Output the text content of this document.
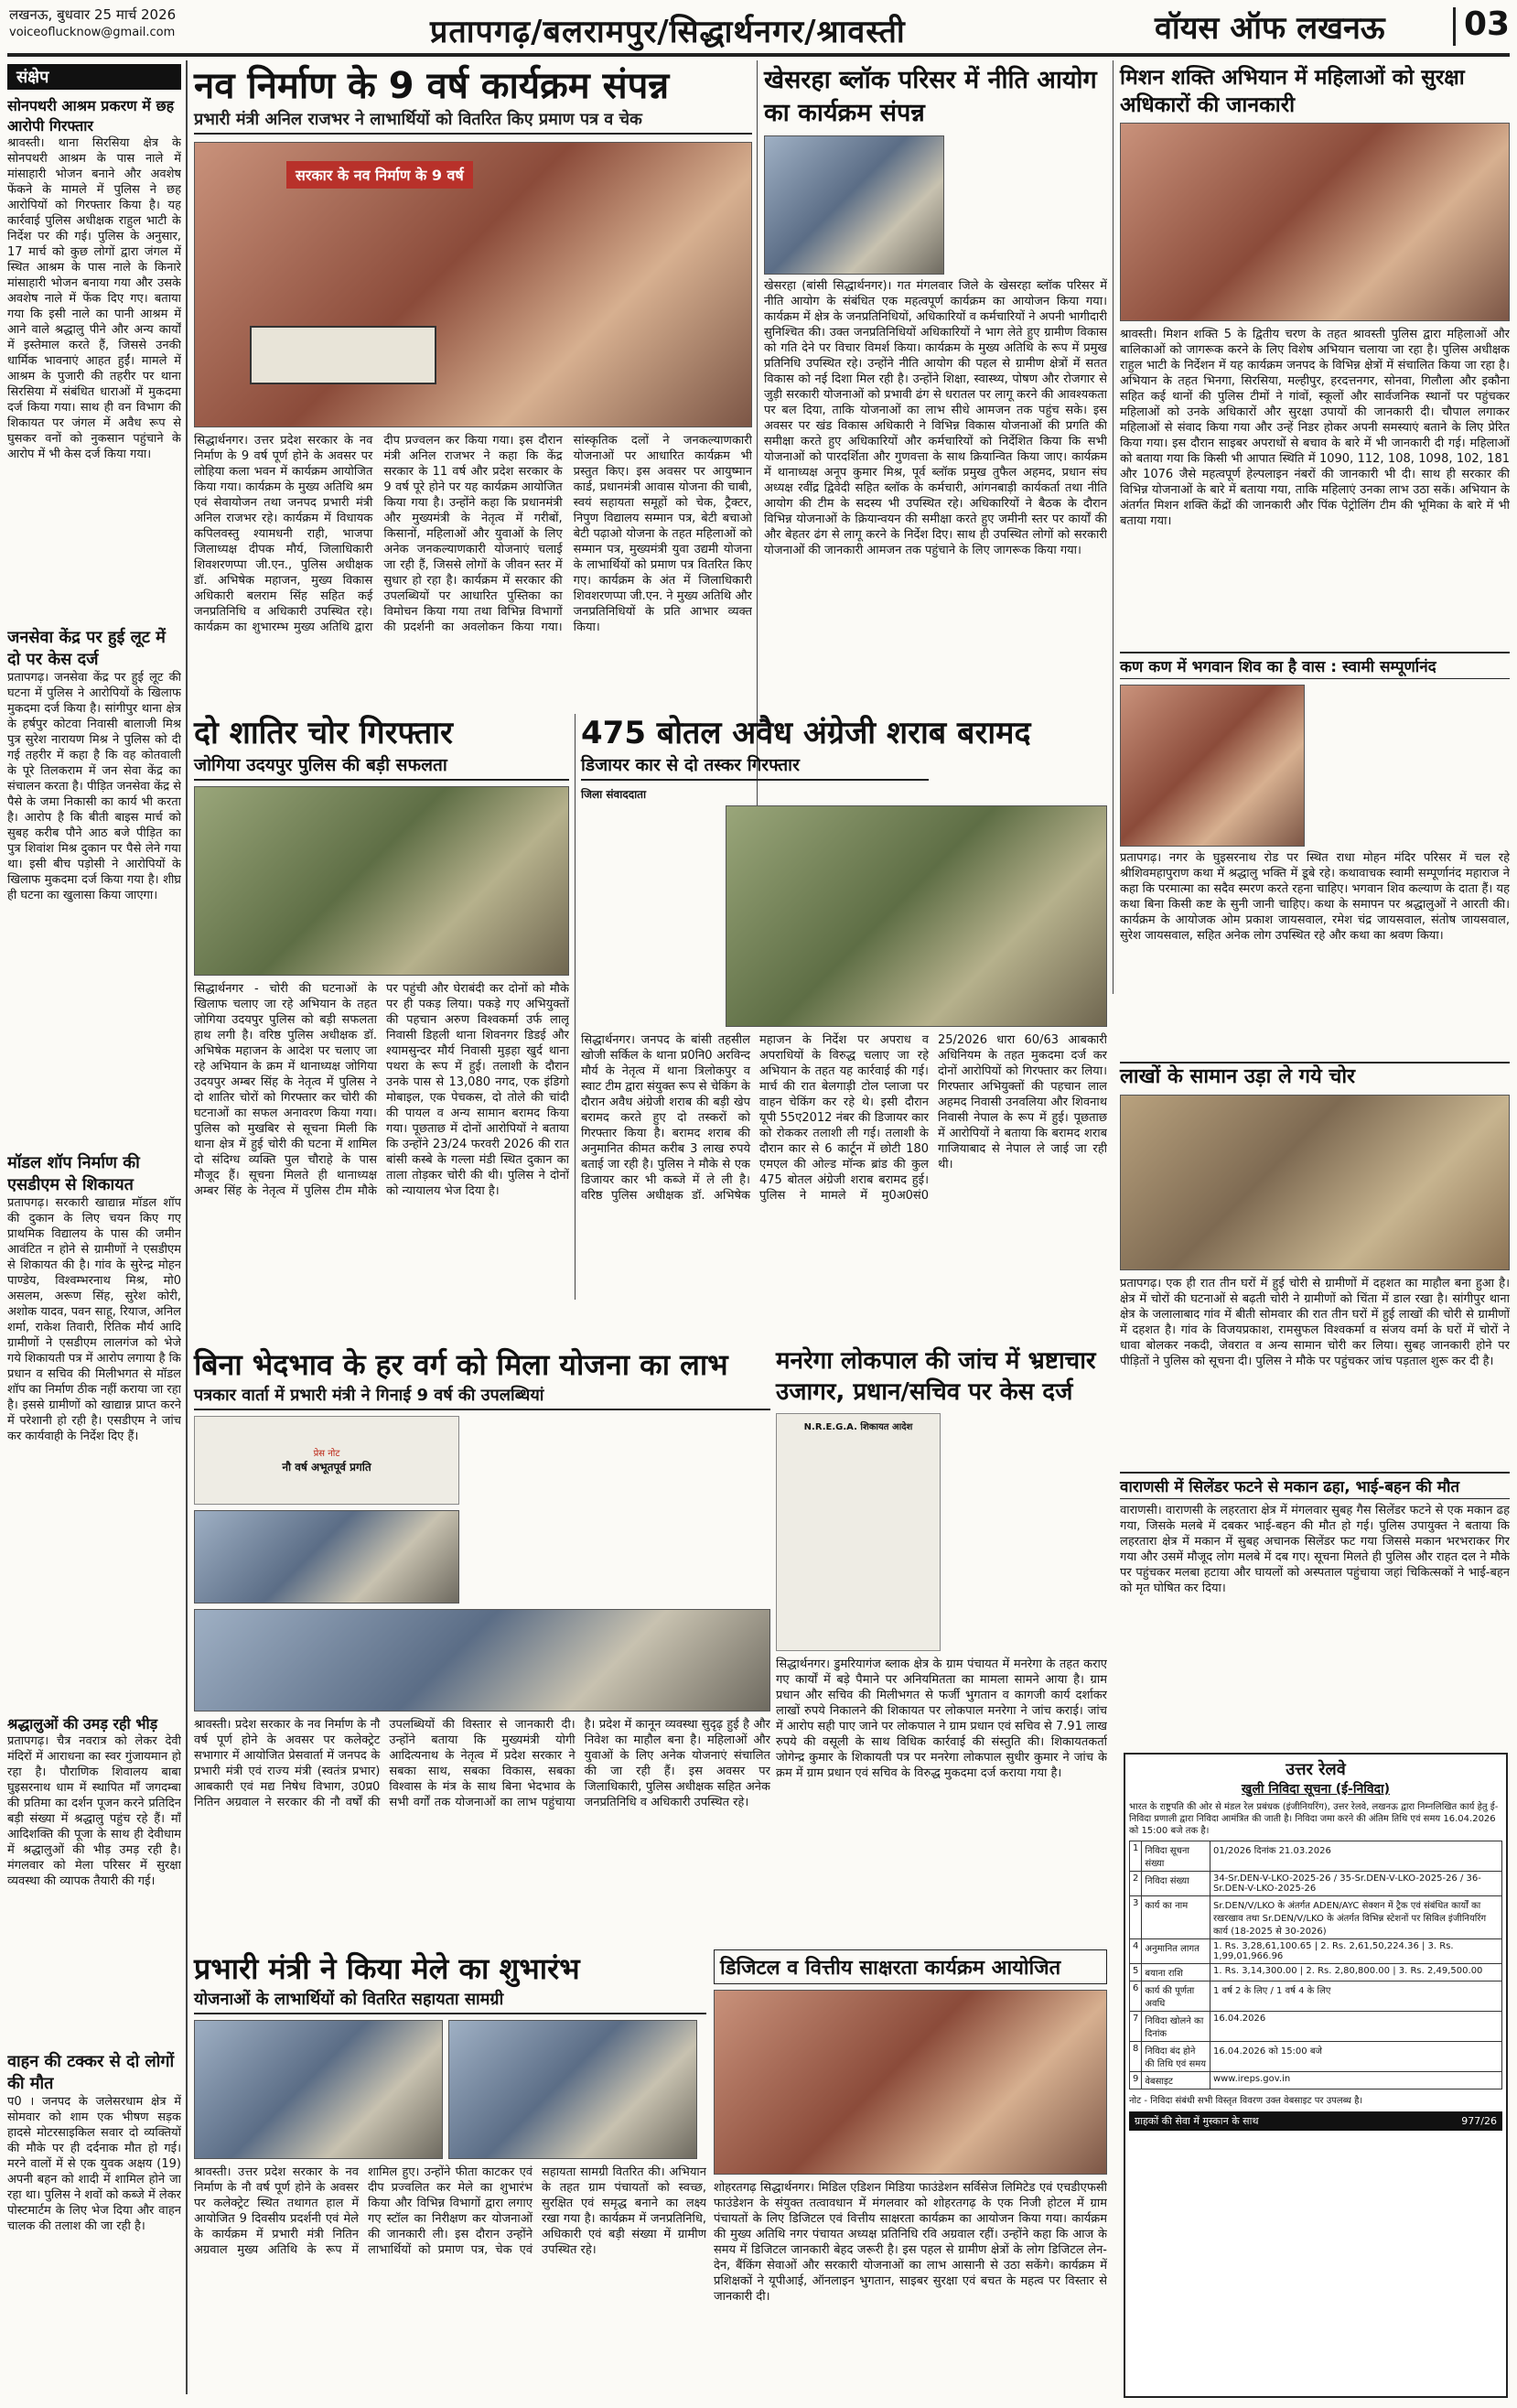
लखनऊ, बुधवार 25 मार्च 2026
voiceoflucknow@gmail.com	प्रतापगढ़/बलरामपुर/सिद्धार्थनगर/श्रावस्ती	वॉयस ऑफ लखनऊ 03
संक्षेप
सोनपथरी आश्रम प्रकरण में छह आरोपी गिरफ्तार
श्रावस्ती। थाना सिरसिया क्षेत्र के सोनपथरी आश्रम के पास नाले में मांसाहारी भोजन बनाने और अवशेष फेंकने के मामले में पुलिस ने छह आरोपियों को गिरफ्तार किया है। यह कार्रवाई पुलिस अधीक्षक राहुल भाटी के निर्देश पर की गई। पुलिस के अनुसार, 17 मार्च को कुछ लोगों द्वारा जंगल में स्थित आश्रम के पास नाले के किनारे मांसाहारी भोजन बनाया गया और उसके अवशेष नाले में फेंक दिए गए। बताया गया कि इसी नाले का पानी आश्रम में आने वाले श्रद्धालु पीने और अन्य कार्यों में इस्तेमाल करते हैं, जिससे उनकी धार्मिक भावनाएं आहत हुईं। मामले में आश्रम के पुजारी की तहरीर पर थाना सिरसिया में संबंधित धाराओं में मुकदमा दर्ज किया गया। साथ ही वन विभाग की शिकायत पर जंगल में अवैध रूप से घुसकर वनों को नुकसान पहुंचाने के आरोप में भी केस दर्ज किया गया।
जनसेवा केंद्र पर हुई लूट में दो पर केस दर्ज
प्रतापगढ़। जनसेवा केंद्र पर हुई लूट की घटना में पुलिस ने आरोपियों के खिलाफ मुकदमा दर्ज किया है। सांगीपुर थाना क्षेत्र के हर्षपुर कोटवा निवासी बालाजी मिश्र पुत्र सुरेश नारायण मिश्र ने पुलिस को दी गई तहरीर में कहा है कि वह कोतवाली के पूरे तिलकराम में जन सेवा केंद्र का संचालन करता है। पीड़ित जनसेवा केंद्र से पैसे के जमा निकासी का कार्य भी करता है। आरोप है कि बीती बाइस मार्च को सुबह करीब पौने आठ बजे पीड़ित का पुत्र शिवांश मिश्र दुकान पर पैसे लेने गया था। इसी बीच पड़ोसी ने आरोपियों के खिलाफ मुकदमा दर्ज किया गया है। शीघ्र ही घटना का खुलासा किया जाएगा।
मॉडल शॉप निर्माण की एसडीएम से शिकायत
प्रतापगढ़। सरकारी खाद्यान्न मॉडल शॉप की दुकान के लिए चयन किए गए प्राथमिक विद्यालय के पास की जमीन आवंटित न होने से ग्रामीणों ने एसडीएम से शिकायत की है। गांव के सुरेन्द्र मोहन पाण्डेय, विश्वम्भरनाथ मिश्र, मो0 असलम, अरूण सिंह, सुरेश कोरी, अशोक यादव, पवन साहू, रियाज, अनिल शर्मा, राकेश तिवारी, रितिक मौर्य आदि ग्रामीणों ने एसडीएम लालगंज को भेजे गये शिकायती पत्र में आरोप लगाया है कि प्रधान व सचिव की मिलीभगत से मॉडल शॉप का निर्माण ठीक नहीं कराया जा रहा है। इससे ग्रामीणों को खाद्यान्न प्राप्त करने में परेशानी हो रही है। एसडीएम ने जांच कर कार्यवाही के निर्देश दिए हैं।
श्रद्धालुओं की उमड़ रही भीड़
प्रतापगढ़। चैत्र नवरात्र को लेकर देवी मंदिरों में आराधना का स्वर गुंजायमान हो रहा है। पौराणिक शिवालय बाबा घुइसरनाथ धाम में स्थापित माँ जगदम्बा की प्रतिमा का दर्शन पूजन करने प्रतिदिन बड़ी संख्या में श्रद्धालु पहुंच रहे हैं। माँ आदिशक्ति की पूजा के साथ ही देवीधाम में श्रद्धालुओं की भीड़ उमड़ रही है। मंगलवार को मेला परिसर में सुरक्षा व्यवस्था की व्यापक तैयारी की गई।
वाहन की टक्कर से दो लोगों की मौत
प0 । जनपद के जलेसरधाम क्षेत्र में सोमवार को शाम एक भीषण सड़क हादसे मोटरसाइकिल सवार दो व्यक्तियों की मौके पर ही दर्दनाक मौत हो गई। मरने वालों में से एक युवक अक्षय (19) अपनी बहन को शादी में शामिल होने जा रहा था। पुलिस ने शवों को कब्जे में लेकर पोस्टमार्टम के लिए भेज दिया और वाहन चालक की तलाश की जा रही है।
नव निर्माण के 9 वर्ष कार्यक्रम संपन्न
प्रभारी मंत्री अनिल राजभर ने लाभार्थियों को वितरित किए प्रमाण पत्र व चेक
सरकार के नव निर्माण के 9 वर्ष
सिद्धार्थनगर। उत्तर प्रदेश सरकार के नव निर्माण के 9 वर्ष पूर्ण होने के अवसर पर लोहिया कला भवन में कार्यक्रम आयोजित किया गया। कार्यक्रम के मुख्य अतिथि श्रम एवं सेवायोजन तथा जनपद प्रभारी मंत्री अनिल राजभर रहे। कार्यक्रम में विधायक कपिलवस्तु श्यामधनी राही, भाजपा जिलाध्यक्ष दीपक मौर्य, जिलाधिकारी शिवशरणप्पा जी.एन., पुलिस अधीक्षक डॉ. अभिषेक महाजन, मुख्य विकास अधिकारी बलराम सिंह सहित कई जनप्रतिनिधि व अधिकारी उपस्थित रहे। कार्यक्रम का शुभारम्भ मुख्य अतिथि द्वारा दीप प्रज्वलन कर किया गया। इस दौरान मंत्री अनिल राजभर ने कहा कि केंद्र सरकार के 11 वर्ष और प्रदेश सरकार के 9 वर्ष पूरे होने पर यह कार्यक्रम आयोजित किया गया है। उन्होंने कहा कि प्रधानमंत्री और मुख्यमंत्री के नेतृत्व में गरीबों, किसानों, महिलाओं और युवाओं के लिए अनेक जनकल्याणकारी योजनाएं चलाई जा रही हैं, जिससे लोगों के जीवन स्तर में सुधार हो रहा है। कार्यक्रम में सरकार की उपलब्धियों पर आधारित पुस्तिका का विमोचन किया गया तथा विभिन्न विभागों की प्रदर्शनी का अवलोकन किया गया। सांस्कृतिक दलों ने जनकल्याणकारी योजनाओं पर आधारित कार्यक्रम भी प्रस्तुत किए। इस अवसर पर आयुष्मान कार्ड, प्रधानमंत्री आवास योजना की चाबी, स्वयं सहायता समूहों को चेक, ट्रैक्टर, निपुण विद्यालय सम्मान पत्र, बेटी बचाओ बेटी पढ़ाओ योजना के तहत महिलाओं को सम्मान पत्र, मुख्यमंत्री युवा उद्यमी योजना के लाभार्थियों को प्रमाण पत्र वितरित किए गए। कार्यक्रम के अंत में जिलाधिकारी शिवशरणप्पा जी.एन. ने मुख्य अतिथि और जनप्रतिनिधियों के प्रति आभार व्यक्त किया।
खेसरहा ब्लॉक परिसर में नीति आयोग का कार्यक्रम संपन्न
खेसरहा (बांसी सिद्धार्थनगर)। गत मंगलवार जिले के खेसरहा ब्लॉक परिसर में नीति आयोग के संबंधित एक महत्वपूर्ण कार्यक्रम का आयोजन किया गया। कार्यक्रम में क्षेत्र के जनप्रतिनिधियों, अधिकारियों व कर्मचारियों ने अपनी भागीदारी सुनिश्चित की। उक्त जनप्रतिनिधियों अधिकारियों ने भाग लेते हुए ग्रामीण विकास को गति देने पर विचार विमर्श किया। कार्यक्रम के मुख्य अतिथि के रूप में प्रमुख प्रतिनिधि उपस्थित रहे। उन्होंने नीति आयोग की पहल से ग्रामीण क्षेत्रों में सतत विकास को नई दिशा मिल रही है। उन्होंने शिक्षा, स्वास्थ्य, पोषण और रोजगार से जुड़ी सरकारी योजनाओं को प्रभावी ढंग से धरातल पर लागू करने की आवश्यकता पर बल दिया, ताकि योजनाओं का लाभ सीधे आमजन तक पहुंच सके। इस अवसर पर खंड विकास अधिकारी ने विभिन्न विकास योजनाओं की प्रगति की समीक्षा करते हुए अधिकारियों और कर्मचारियों को निर्देशित किया कि सभी योजनाओं को पारदर्शिता और गुणवत्ता के साथ क्रियान्वित किया जाए। कार्यक्रम में थानाध्यक्ष अनूप कुमार मिश्र, पूर्व ब्लॉक प्रमुख तुफैल अहमद, प्रधान संघ अध्यक्ष रवींद्र द्विवेदी सहित ब्लॉक के कर्मचारी, आंगनबाड़ी कार्यकर्ता तथा नीति आयोग की टीम के सदस्य भी उपस्थित रहे। अधिकारियों ने बैठक के दौरान विभिन्न योजनाओं के क्रियान्वयन की समीक्षा करते हुए जमीनी स्तर पर कार्यों की और बेहतर ढंग से लागू करने के निर्देश दिए। साथ ही उपस्थित लोगों को सरकारी योजनाओं की जानकारी आमजन तक पहुंचाने के लिए जागरूक किया गया।
मिशन शक्ति अभियान में महिलाओं को सुरक्षा अधिकारों की जानकारी
श्रावस्ती। मिशन शक्ति 5 के द्वितीय चरण के तहत श्रावस्ती पुलिस द्वारा महिलाओं और बालिकाओं को जागरूक करने के लिए विशेष अभियान चलाया जा रहा है। पुलिस अधीक्षक राहुल भाटी के निर्देशन में यह कार्यक्रम जनपद के विभिन्न क्षेत्रों में संचालित किया जा रहा है। अभियान के तहत भिनगा, सिरसिया, मल्हीपुर, हरदत्तनगर, सोनवा, गिलौला और इकौना सहित कई थानों की पुलिस टीमों ने गांवों, स्कूलों और सार्वजनिक स्थानों पर पहुंचकर महिलाओं को उनके अधिकारों और सुरक्षा उपायों की जानकारी दी। चौपाल लगाकर महिलाओं से संवाद किया गया और उन्हें निडर होकर अपनी समस्याएं बताने के लिए प्रेरित किया गया। इस दौरान साइबर अपराधों से बचाव के बारे में भी जानकारी दी गई। महिलाओं को बताया गया कि किसी भी आपात स्थिति में 1090, 112, 108, 1098, 102, 181 और 1076 जैसे महत्वपूर्ण हेल्पलाइन नंबरों की जानकारी भी दी। साथ ही सरकार की विभिन्न योजनाओं के बारे में बताया गया, ताकि महिलाएं उनका लाभ उठा सकें। अभियान के अंतर्गत मिशन शक्ति केंद्रों की जानकारी और पिंक पेट्रोलिंग टीम की भूमिका के बारे में भी बताया गया।
कण कण में भगवान शिव का है वास : स्वामी सम्पूर्णानंद
प्रतापगढ़। नगर के घुइसरनाथ रोड पर स्थित राधा मोहन मंदिर परिसर में चल रहे श्रीशिवमहापुराण कथा में श्रद्धालु भक्ति में डूबे रहे। कथावाचक स्वामी सम्पूर्णानंद महाराज ने कहा कि परमात्मा का सदैव स्मरण करते रहना चाहिए। भगवान शिव कल्याण के दाता हैं। यह कथा बिना किसी कष्ट के सुनी जानी चाहिए। कथा के समापन पर श्रद्धालुओं ने आरती की। कार्यक्रम के आयोजक ओम प्रकाश जायसवाल, रमेश चंद्र जायसवाल, संतोष जायसवाल, सुरेश जायसवाल, सहित अनेक लोग उपस्थित रहे और कथा का श्रवण किया।
दो शातिर चोर गिरफ्तार
जोगिया उदयपुर पुलिस की बड़ी सफलता
सिद्धार्थनगर - चोरी की घटनाओं के खिलाफ चलाए जा रहे अभियान के तहत जोगिया उदयपुर पुलिस को बड़ी सफलता हाथ लगी है। वरिष्ठ पुलिस अधीक्षक डॉ. अभिषेक महाजन के आदेश पर चलाए जा रहे अभियान के क्रम में थानाध्यक्ष जोगिया उदयपुर अम्बर सिंह के नेतृत्व में पुलिस ने दो शातिर चोरों को गिरफ्तार कर चोरी की घटनाओं का सफल अनावरण किया गया। पुलिस को मुखबिर से सूचना मिली कि थाना क्षेत्र में हुई चोरी की घटना में शामिल दो संदिग्ध व्यक्ति पुल चौराहे के पास मौजूद हैं। सूचना मिलते ही थानाध्यक्ष अम्बर सिंह के नेतृत्व में पुलिस टीम मौके पर पहुंची और घेराबंदी कर दोनों को मौके पर ही पकड़ लिया। पकड़े गए अभियुक्तों की पहचान अरुण विश्वकर्मा उर्फ लालू निवासी डिहली थाना शिवनगर डिडई और श्यामसुन्दर मौर्य निवासी मुड़हा खुर्द थाना पथरा के रूप में हुई। तलाशी के दौरान उनके पास से 13,080 नगद, एक इंडिगो मोबाइल, एक पेचकस, दो तोले की चांदी की पायल व अन्य सामान बरामद किया गया। पूछताछ में दोनों आरोपियों ने बताया कि उन्होंने 23/24 फरवरी 2026 की रात बांसी कस्बे के गल्ला मंडी स्थित दुकान का ताला तोड़कर चोरी की थी। पुलिस ने दोनों को न्यायालय भेज दिया है।
475 बोतल अवैध अंग्रेजी शराब बरामद
डिजायर कार से दो तस्कर गिरफ्तार
जिला संवाददाता
सिद्धार्थनगर। जनपद के बांसी तहसील खोजी सर्किल के थाना प्र0नि0 अरविन्द मौर्य के नेतृत्व में थाना त्रिलोकपुर व स्वाट टीम द्वारा संयुक्त रूप से चेकिंग के दौरान अवैध अंग्रेजी शराब की बड़ी खेप बरामद करते हुए दो तस्करों को गिरफ्तार किया है। बरामद शराब की अनुमानित कीमत करीब 3 लाख रुपये बताई जा रही है। पुलिस ने मौके से एक डिजायर कार भी कब्जे में ले ली है। वरिष्ठ पुलिस अधीक्षक डॉ. अभिषेक महाजन के निर्देश पर अपराध व अपराधियों के विरुद्ध चलाए जा रहे अभियान के तहत यह कार्रवाई की गई। मार्च की रात बेलगाड़ी टोल प्लाजा पर वाहन चेकिंग कर रहे थे। इसी दौरान यूपी 55ए2012 नंबर की डिजायर कार को रोककर तलाशी ली गई। तलाशी के दौरान कार से 6 कार्टून में छोटी 180 एमएल की ओल्ड मॉन्क ब्रांड की कुल 475 बोतल अंग्रेजी शराब बरामद हुई। पुलिस ने मामले में मु0अ0सं0 25/2026 धारा 60/63 आबकारी अधिनियम के तहत मुकदमा दर्ज कर दोनों आरोपियों को गिरफ्तार कर लिया। गिरफ्तार अभियुक्तों की पहचान लाल अहमद निवासी उनवलिया और शिवनाथ निवासी नेपाल के रूप में हुई। पूछताछ में आरोपियों ने बताया कि बरामद शराब गाजियाबाद से नेपाल ले जाई जा रही थी।
बिना भेदभाव के हर वर्ग को मिला योजना का लाभ
पत्रकार वार्ता में प्रभारी मंत्री ने गिनाई 9 वर्ष की उपलब्धियां
प्रेस नोट
नौ वर्ष अभूतपूर्व प्रगति
श्रावस्ती। प्रदेश सरकार के नव निर्माण के नौ वर्ष पूर्ण होने के अवसर पर कलेक्ट्रेट सभागार में आयोजित प्रेसवार्ता में जनपद के प्रभारी मंत्री एवं राज्य मंत्री (स्वतंत्र प्रभार) आबकारी एवं मद्य निषेध विभाग, उ0प्र0 नितिन अग्रवाल ने सरकार की नौ वर्षों की उपलब्धियों की विस्तार से जानकारी दी। उन्होंने बताया कि मुख्यमंत्री योगी आदित्यनाथ के नेतृत्व में प्रदेश सरकार ने सबका साथ, सबका विकास, सबका विश्वास के मंत्र के साथ बिना भेदभाव के सभी वर्गों तक योजनाओं का लाभ पहुंचाया है। प्रदेश में कानून व्यवस्था सुदृढ़ हुई है और निवेश का माहौल बना है। महिलाओं और युवाओं के लिए अनेक योजनाएं संचालित की जा रही हैं। इस अवसर पर जिलाधिकारी, पुलिस अधीक्षक सहित अनेक जनप्रतिनिधि व अधिकारी उपस्थित रहे।
मनरेगा लोकपाल की जांच में भ्रष्टाचार उजागर, प्रधान/सचिव पर केस दर्ज
N.R.E.G.A. शिकायत आदेश
सिद्धार्थनगर। डुमरियागंज ब्लाक क्षेत्र के ग्राम पंचायत में मनरेगा के तहत कराए गए कार्यों में बड़े पैमाने पर अनियमितता का मामला सामने आया है। ग्राम प्रधान और सचिव की मिलीभगत से फर्जी भुगतान व कागजी कार्य दर्शाकर लाखों रुपये निकालने की शिकायत पर लोकपाल मनरेगा ने जांच कराई। जांच में आरोप सही पाए जाने पर लोकपाल ने ग्राम प्रधान एवं सचिव से 7.91 लाख रुपये की वसूली के साथ विधिक कार्रवाई की संस्तुति की। शिकायतकर्ता जोगेन्द्र कुमार के शिकायती पत्र पर मनरेगा लोकपाल सुधीर कुमार ने जांच के क्रम में ग्राम प्रधान एवं सचिव के विरुद्ध मुकदमा दर्ज कराया गया है।
लाखों के सामान उड़ा ले गये चोर
प्रतापगढ़। एक ही रात तीन घरों में हुई चोरी से ग्रामीणों में दहशत का माहौल बना हुआ है। क्षेत्र में चोरों की घटनाओं से बढ़ती चोरी ने ग्रामीणों को चिंता में डाल रखा है। सांगीपुर थाना क्षेत्र के जलालाबाद गांव में बीती सोमवार की रात तीन घरों में हुई लाखों की चोरी से ग्रामीणों में दहशत है। गांव के विजयप्रकाश, रामसुफल विश्वकर्मा व संजय वर्मा के घरों में चोरों ने धावा बोलकर नकदी, जेवरात व अन्य सामान चोरी कर लिया। सुबह जानकारी होने पर पीड़ितों ने पुलिस को सूचना दी। पुलिस ने मौके पर पहुंचकर जांच पड़ताल शुरू कर दी है।
वाराणसी में सिलेंडर फटने से मकान ढहा, भाई-बहन की मौत
वाराणसी। वाराणसी के लहरतारा क्षेत्र में मंगलवार सुबह गैस सिलेंडर फटने से एक मकान ढह गया, जिसके मलबे में दबकर भाई-बहन की मौत हो गई। पुलिस उपायुक्त ने बताया कि लहरतारा क्षेत्र में मकान में सुबह अचानक सिलेंडर फट गया जिससे मकान भरभराकर गिर गया और उसमें मौजूद लोग मलबे में दब गए। सूचना मिलते ही पुलिस और राहत दल ने मौके पर पहुंचकर मलबा हटाया और घायलों को अस्पताल पहुंचाया जहां चिकित्सकों ने भाई-बहन को मृत घोषित कर दिया।
प्रभारी मंत्री ने किया मेले का शुभारंभ
योजनाओं के लाभार्थियों को वितरित सहायता सामग्री
श्रावस्ती। उत्तर प्रदेश सरकार के नव निर्माण के नौ वर्ष पूर्ण होने के अवसर पर कलेक्ट्रेट स्थित तथागत हाल में आयोजित 9 दिवसीय प्रदर्शनी एवं मेले के कार्यक्रम में प्रभारी मंत्री नितिन अग्रवाल मुख्य अतिथि के रूप में शामिल हुए। उन्होंने फीता काटकर एवं दीप प्रज्वलित कर मेले का शुभारंभ किया और विभिन्न विभागों द्वारा लगाए गए स्टॉल का निरीक्षण कर योजनाओं की जानकारी ली। इस दौरान उन्होंने लाभार्थियों को प्रमाण पत्र, चेक एवं सहायता सामग्री वितरित की। अभियान के तहत ग्राम पंचायतों को स्वच्छ, सुरक्षित एवं समृद्ध बनाने का लक्ष्य रखा गया है। कार्यक्रम में जनप्रतिनिधि, अधिकारी एवं बड़ी संख्या में ग्रामीण उपस्थित रहे।
डिजिटल व वित्तीय साक्षरता कार्यक्रम आयोजित
शोहरतगढ़ सिद्धार्थनगर। मिडिल एडिशन मिडिया फाउंडेशन सर्विसेज लिमिटेड एवं एचडीएफसी फाउंडेशन के संयुक्त तत्वावधान में मंगलवार को शोहरतगढ़ के एक निजी होटल में ग्राम पंचायतों के लिए डिजिटल एवं वित्तीय साक्षरता कार्यक्रम का आयोजन किया गया। कार्यक्रम की मुख्य अतिथि नगर पंचायत अध्यक्ष प्रतिनिधि रवि अग्रवाल रहीं। उन्होंने कहा कि आज के समय में डिजिटल जानकारी बेहद जरूरी है। इस पहल से ग्रामीण क्षेत्रों के लोग डिजिटल लेन-देन, बैंकिंग सेवाओं और सरकारी योजनाओं का लाभ आसानी से उठा सकेंगे। कार्यक्रम में प्रशिक्षकों ने यूपीआई, ऑनलाइन भुगतान, साइबर सुरक्षा एवं बचत के महत्व पर विस्तार से जानकारी दी।
उत्तर रेलवे
खुली निविदा सूचना (ई-निविदा)
भारत के राष्ट्रपति की ओर से मंडल रेल प्रबंधक (इंजीनियरिंग), उत्तर रेलवे, लखनऊ द्वारा निम्नलिखित कार्य हेतु ई-निविदा प्रणाली द्वारा निविदा आमंत्रित की जाती है। निविदा जमा करने की अंतिम तिथि एवं समय 16.04.2026 को 15:00 बजे तक है।
1	निविदा सूचना संख्या	01/2026 दिनांक 21.03.2026
2	निविदा संख्या	34-Sr.DEN-V-LKO-2025-26 / 35-Sr.DEN-V-LKO-2025-26 / 36-Sr.DEN-V-LKO-2025-26
3	कार्य का नाम	Sr.DEN/V/LKO के अंतर्गत ADEN/AYC सेक्शन में ट्रैक एवं संबंधित कार्यों का रखरखाव तथा Sr.DEN/V/LKO के अंतर्गत विभिन्न स्टेशनों पर सिविल इंजीनियरिंग कार्य (18-2025 से 30-2026)
4	अनुमानित लागत	1. Rs. 3,28,61,100.65 | 2. Rs. 2,61,50,224.36 | 3. Rs. 1,99,01,966.96
5	बयाना राशि	1. Rs. 3,14,300.00 | 2. Rs. 2,80,800.00 | 3. Rs. 2,49,500.00
6	कार्य की पूर्णता अवधि	1 वर्ष 2 के लिए / 1 वर्ष 4 के लिए
7	निविदा खोलने का दिनांक	16.04.2026
8	निविदा बंद होने की तिथि एवं समय	16.04.2026 को 15:00 बजे
9	वेबसाइट	www.ireps.gov.in
नोट - निविदा संबंधी सभी विस्तृत विवरण उक्त वेबसाइट पर उपलब्ध है।
ग्राहकों की सेवा में मुस्कान के साथ	977/26
